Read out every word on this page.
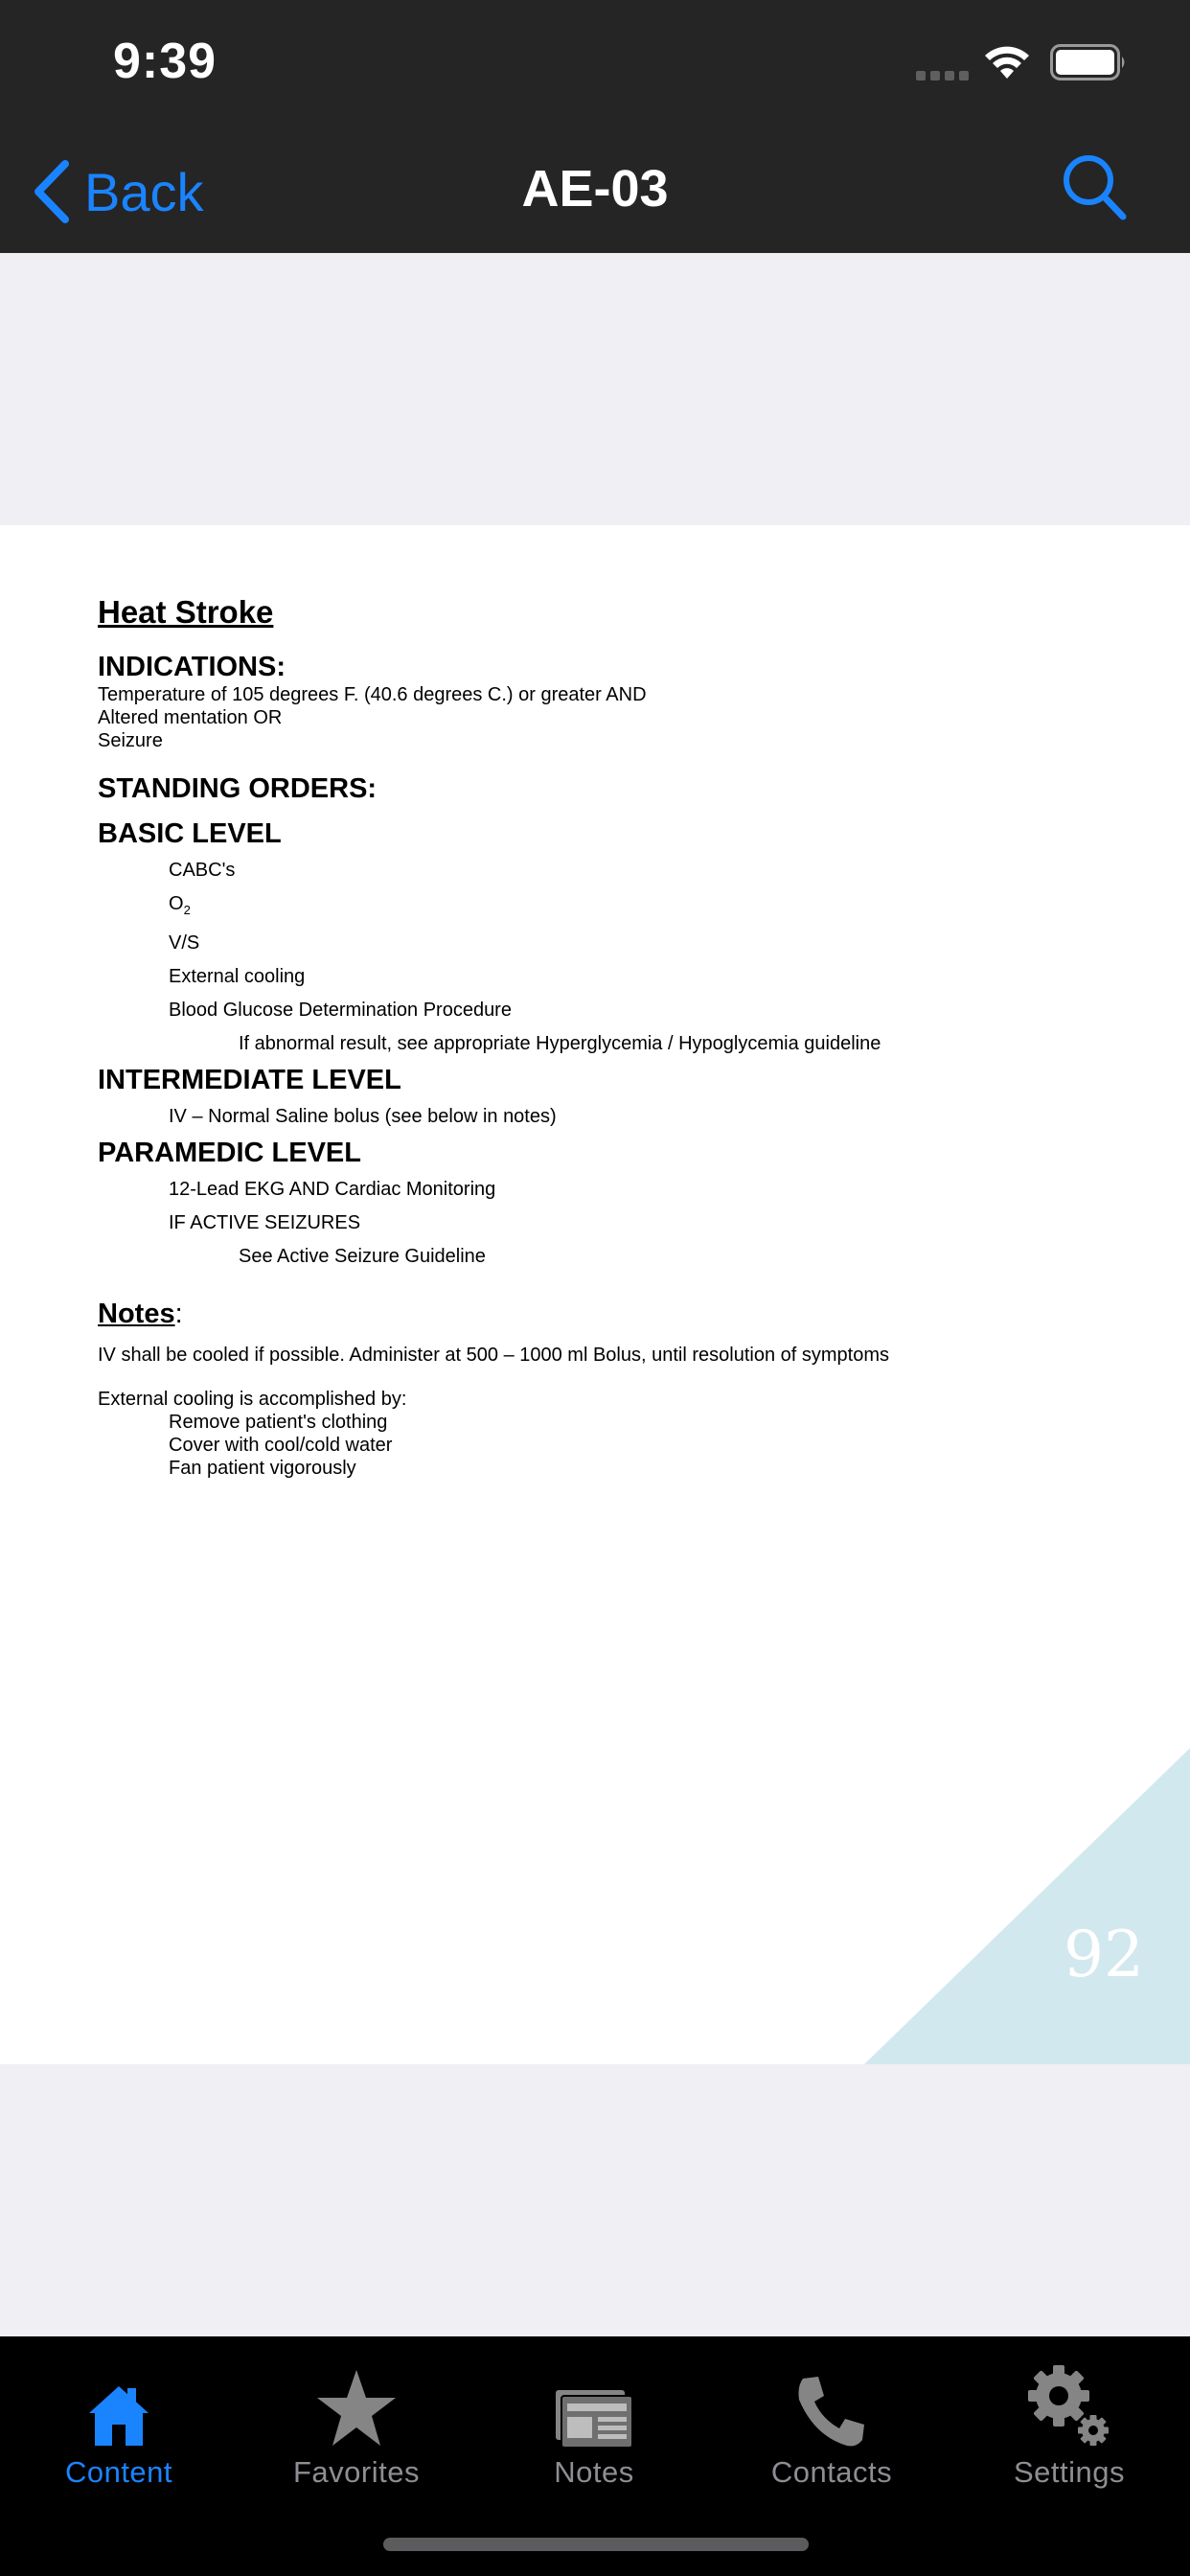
9:39
Back	AE-03
Heat Stroke
INDICATIONS:
Temperature of 105 degrees F. (40.6 degrees C.) or greater AND
Altered mentation OR
Seizure
STANDING ORDERS:
BASIC LEVEL
CABC's
$O_2$
V/S
External cooling
Blood Glucose Determination Procedure
If abnormal result, see appropriate Hyperglycemia / Hypoglycemia guideline
INTERMEDIATE LEVEL
IV – Normal Saline bolus (see below in notes)
PARAMEDIC LEVEL
12-Lead EKG AND Cardiac Monitoring
IF ACTIVE SEIZURES
See Active Seizure Guideline
Notes:
IV shall be cooled if possible. Administer at 500 – 1000 ml Bolus, until resolution of symptoms
External cooling is accomplished by:
Remove patient's clothing
Cover with cool/cold water
Fan patient vigorously
92
Content	Favorites	Notes	Contacts	Settings
